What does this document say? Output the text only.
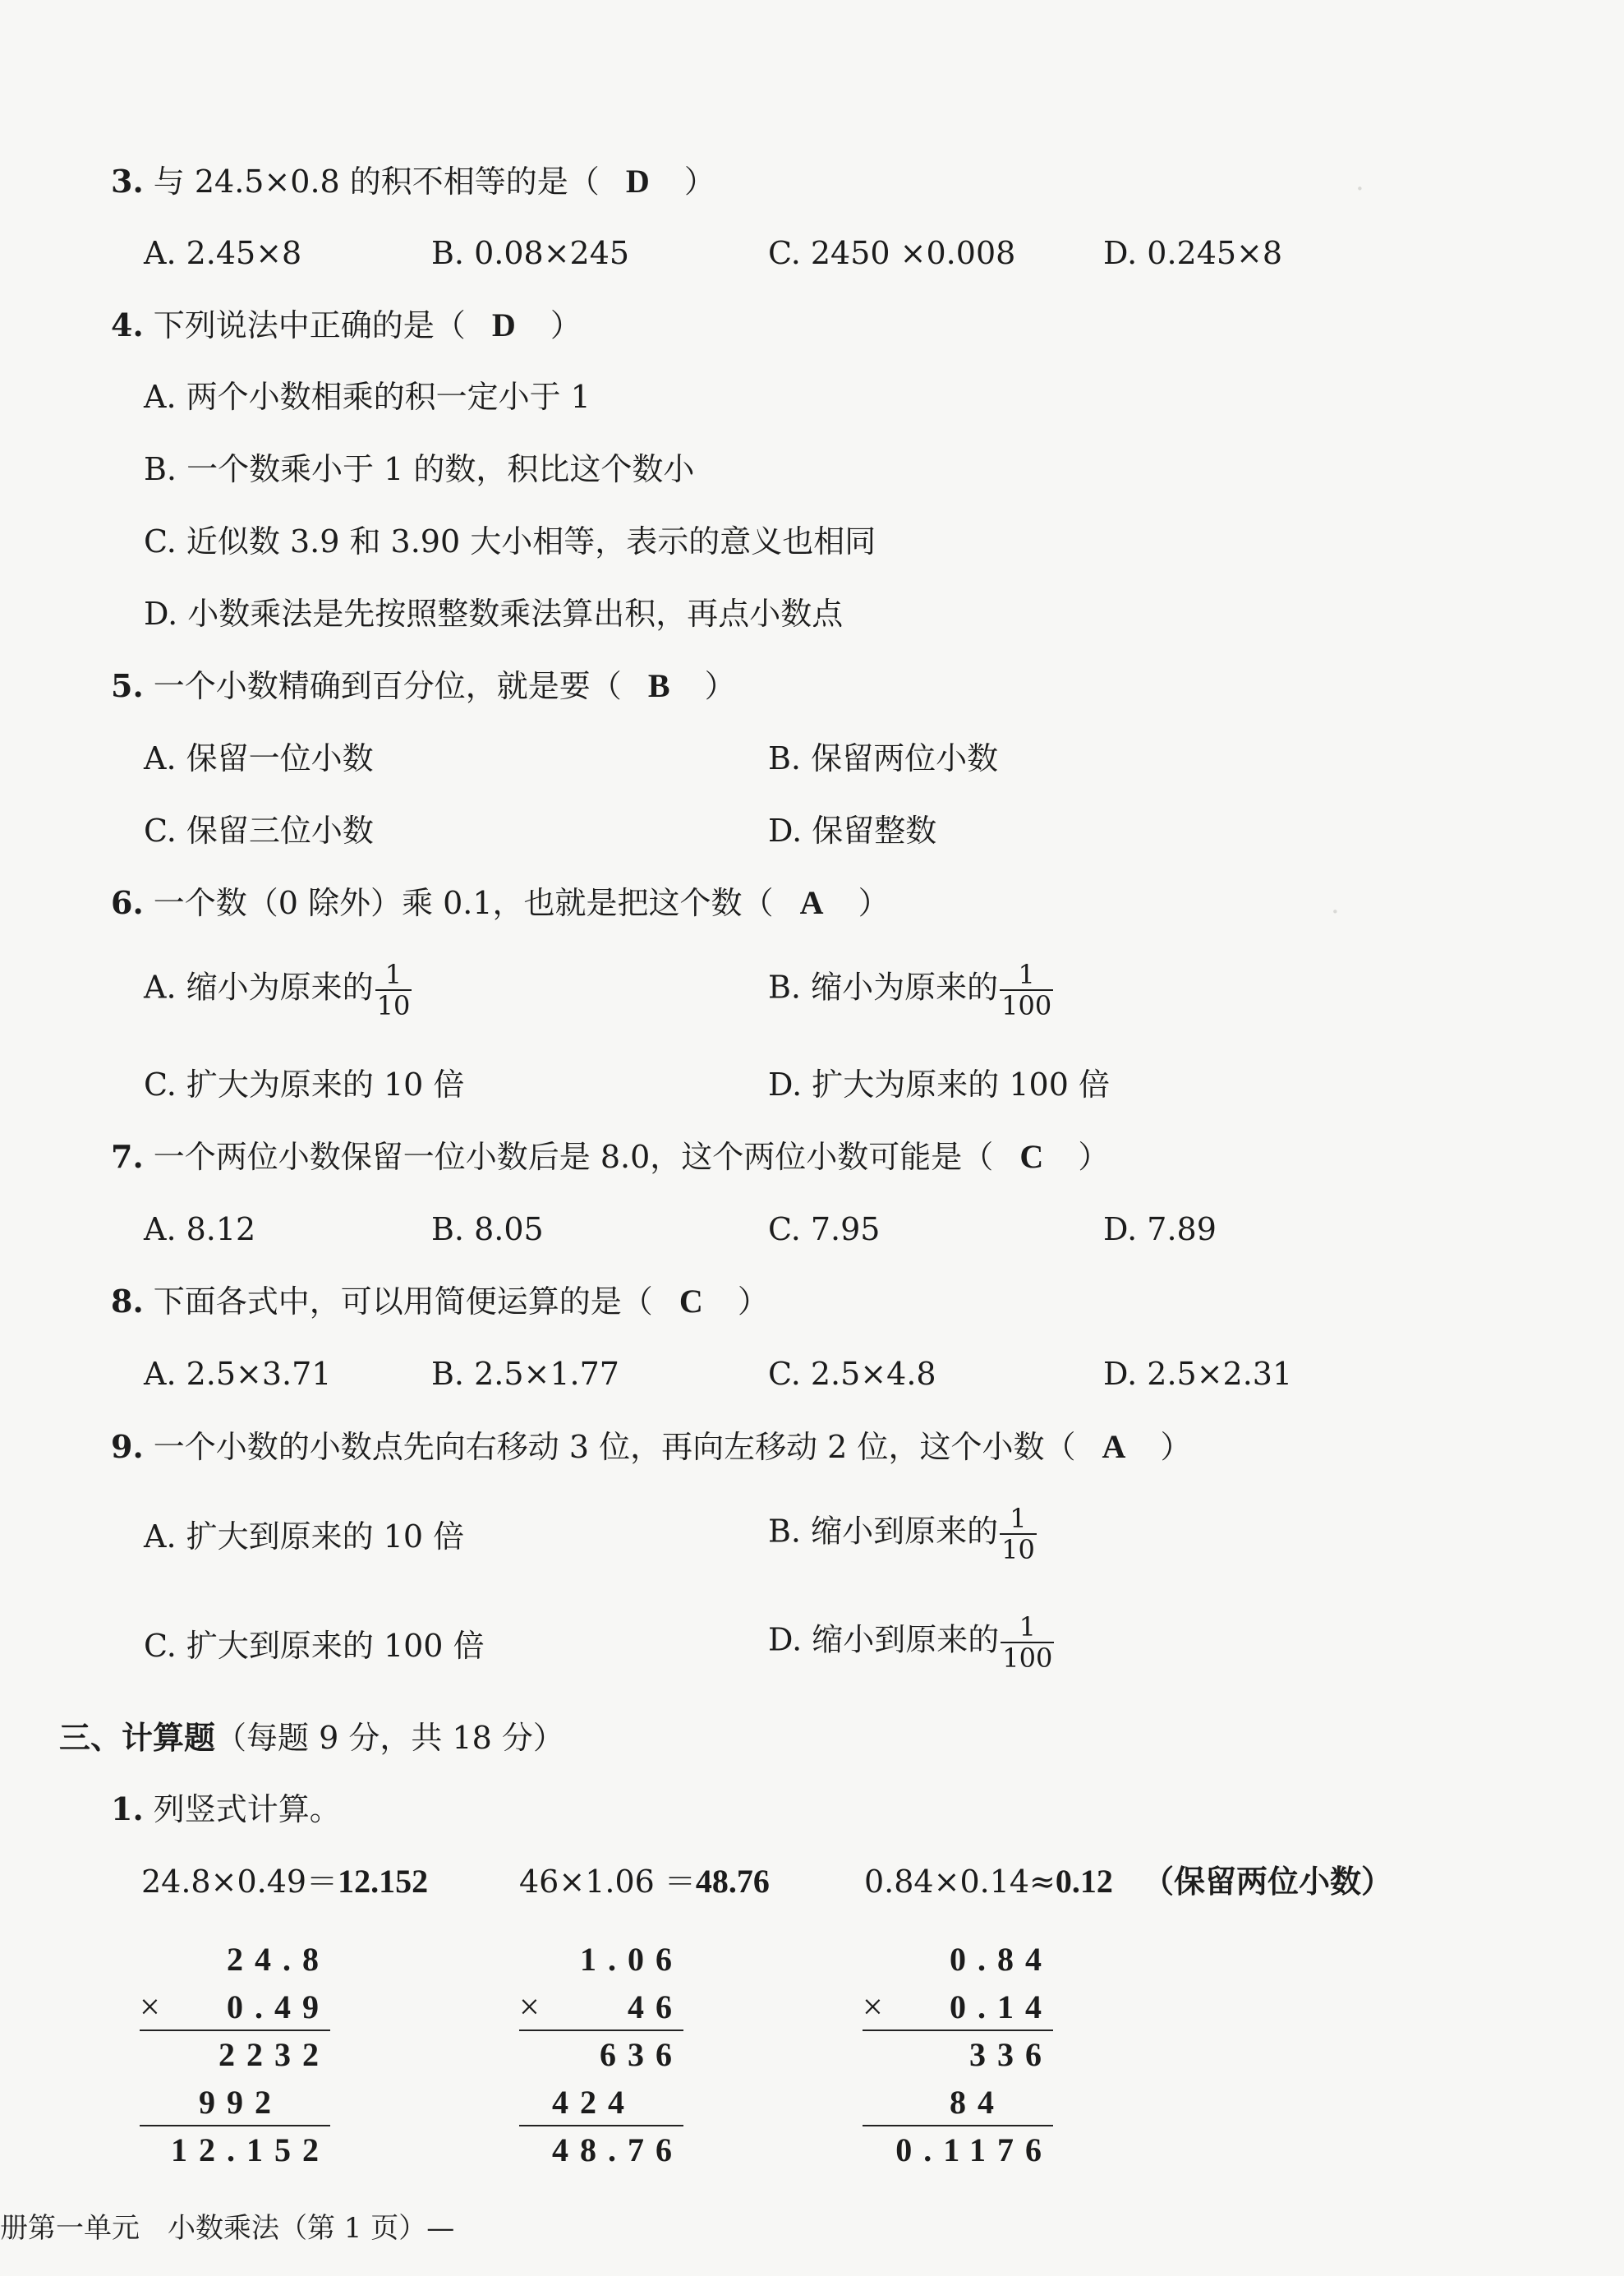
·
·
3. 与 24.5×0.8 的积不相等的是（ D ）
A. 2.45×8	B. 0.08×245	C. 2450 ×0.008	D. 0.245×8
4. 下列说法中正确的是（ D ）
A. 两个小数相乘的积一定小于 1
B. 一个数乘小于 1 的数，积比这个数小
C. 近似数 3.9 和 3.90 大小相等，表示的意义也相同
D. 小数乘法是先按照整数乘法算出积，再点小数点
5. 一个小数精确到百分位，就是要（ B ）
A. 保留一位小数	B. 保留两位小数
C. 保留三位小数	D. 保留整数
6. 一个数（0 除外）乘 0.1，也就是把这个数（ A ）
A. 缩小为原来的 $\frac{1}{10}$	B. 缩小为原来的 $\frac{1}{100}$
C. 扩大为原来的 10 倍	D. 扩大为原来的 100 倍
7. 一个两位小数保留一位小数后是 8.0，这个两位小数可能是（ C ）
A. 8.12	B. 8.05	C. 7.95	D. 7.89
8. 下面各式中，可以用简便运算的是（ C ）
A. 2.5×3.71	B. 2.5×1.77	C. 2.5×4.8	D. 2.5×2.31
9. 一个小数的小数点先向右移动 3 位，再向左移动 2 位，这个小数（ A ）
A. 扩大到原来的 10 倍	B. 缩小到原来的 $\frac{1}{10}$
C. 扩大到原来的 100 倍	D. 缩小到原来的 $\frac{1}{100}$
三、计算题（每题 9 分，共 18 分）
1. 列竖式计算。
24.8×0.49＝12.152	46×1.06 ＝48.76	0.84×0.14≈0.12 （保留两位小数）
24.8
× 0.49
2232
992
12.152
1.06
×	46
636
424
48.76
0.84
× 0.14
336
84
0.1176
册第一单元　小数乘法（第 1 页）—
